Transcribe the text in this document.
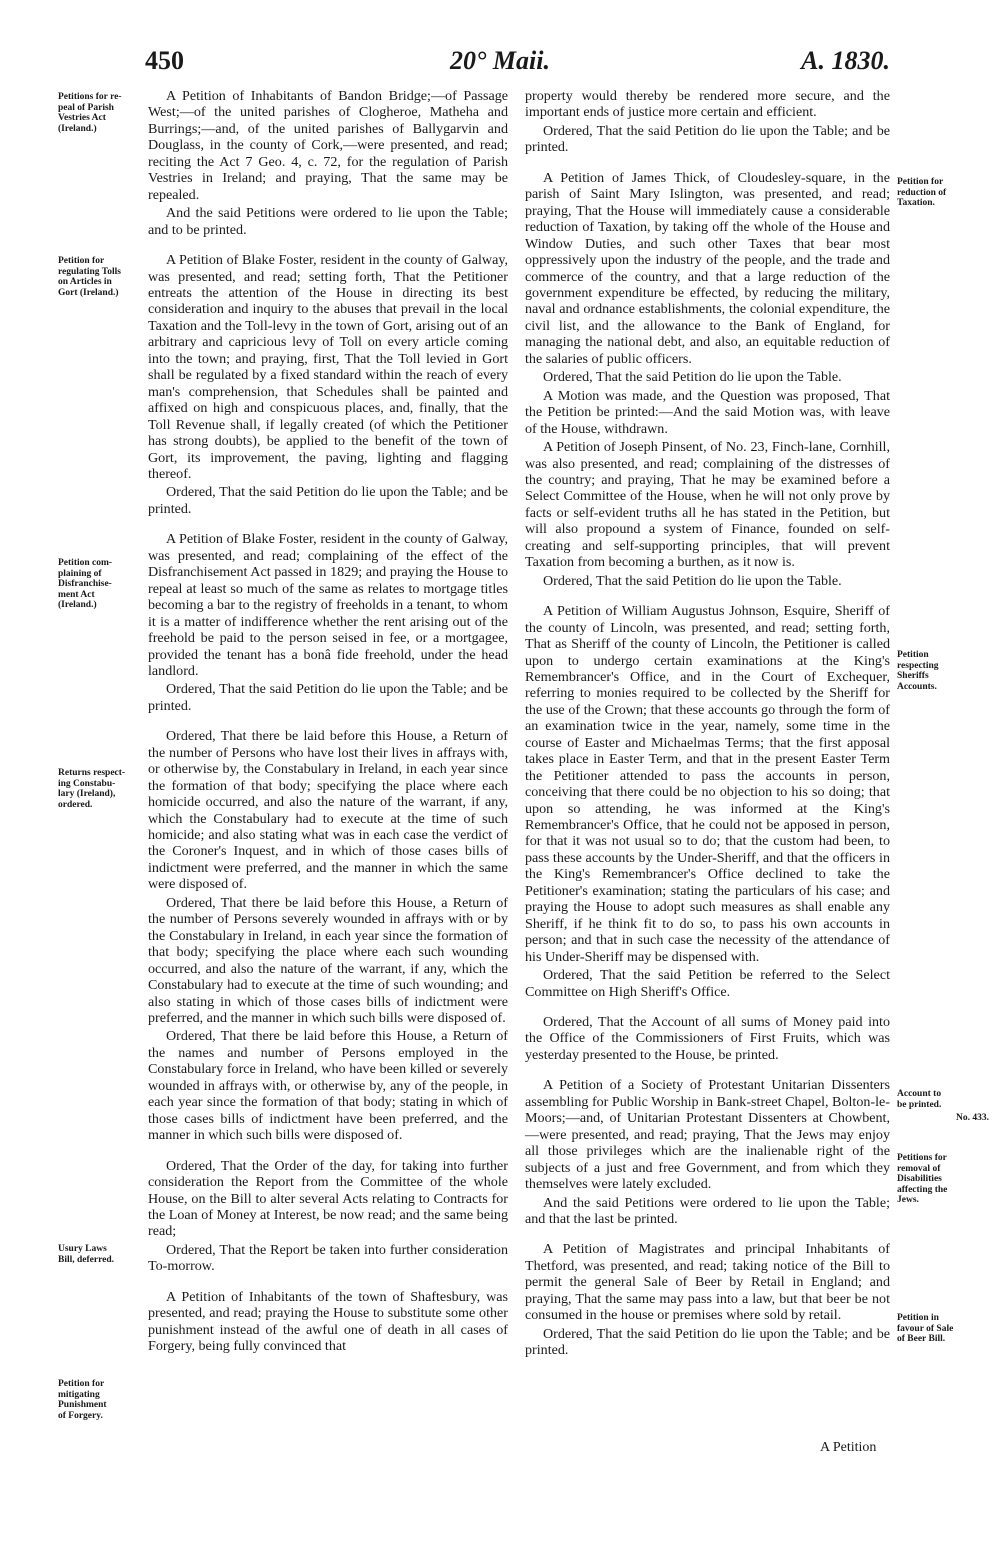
450	20° Maii.	A. 1830.
Petitions for re-
peal of Parish
Vestries Act
(Ireland.)
Petition for
regulating Tolls
on Articles in
Gort (Ireland.)
Petition com-
plaining of
Disfranchise-
ment Act
(Ireland.)
Returns respect-
ing Constabu-
lary (Ireland),
ordered.
Usury Laws
Bill, deferred.
Petition for
mitigating
Punishment
of Forgery.
Petition for
reduction of
Taxation.
Petition
respecting
Sheriffs
Accounts.
Account to
be printed.
No. 433.
Petitions for
removal of
Disabilities
affecting the
Jews.
Petition in
favour of Sale
of Beer Bill.

A Petition of Inhabitants of Bandon Bridge;—of Passage West;—of the united parishes of Clogheroe, Matheha and Burrings;—and, of the united parishes of Ballygarvin and Douglass, in the county of Cork,—were presented, and read; reciting the Act 7 Geo. 4, c. 72, for the regulation of Parish Vestries in Ireland; and praying, That the same may be repealed.

And the said Petitions were ordered to lie upon the Table; and to be printed.

A Petition of Blake Foster, resident in the county of Galway, was presented, and read; setting forth, That the Petitioner entreats the attention of the House in directing its best consideration and inquiry to the abuses that prevail in the local Taxation and the Toll-levy in the town of Gort, arising out of an arbitrary and capricious levy of Toll on every article coming into the town; and praying, first, That the Toll levied in Gort shall be regulated by a fixed standard within the reach of every man's comprehension, that Schedules shall be painted and affixed on high and conspicuous places, and, finally, that the Toll Revenue shall, if legally created (of which the Petitioner has strong doubts), be applied to the benefit of the town of Gort, its improvement, the paving, lighting and flagging thereof.

Ordered, That the said Petition do lie upon the Table; and be printed.

A Petition of Blake Foster, resident in the county of Galway, was presented, and read; complaining of the effect of the Disfranchisement Act passed in 1829; and praying the House to repeal at least so much of the same as relates to mortgage titles becoming a bar to the registry of freeholds in a tenant, to whom it is a matter of indifference whether the rent arising out of the freehold be paid to the person seised in fee, or a mortgagee, provided the tenant has a bonâ fide freehold, under the head landlord.

Ordered, That the said Petition do lie upon the Table; and be printed.

Ordered, That there be laid before this House, a Return of the number of Persons who have lost their lives in affrays with, or otherwise by, the Constabulary in Ireland, in each year since the formation of that body; specifying the place where each homicide occurred, and also the nature of the warrant, if any, which the Constabulary had to execute at the time of such homicide; and also stating what was in each case the verdict of the Coroner's Inquest, and in which of those cases bills of indictment were preferred, and the manner in which the same were disposed of.

Ordered, That there be laid before this House, a Return of the number of Persons severely wounded in affrays with or by the Constabulary in Ireland, in each year since the formation of that body; specifying the place where each such wounding occurred, and also the nature of the warrant, if any, which the Constabulary had to execute at the time of such wounding; and also stating in which of those cases bills of indictment were preferred, and the manner in which such bills were disposed of.

Ordered, That there be laid before this House, a Return of the names and number of Persons employed in the Constabulary force in Ireland, who have been killed or severely wounded in affrays with, or otherwise by, any of the people, in each year since the formation of that body; stating in which of those cases bills of indictment have been preferred, and the manner in which such bills were disposed of.

Ordered, That the Order of the day, for taking into further consideration the Report from the Committee of the whole House, on the Bill to alter several Acts relating to Contracts for the Loan of Money at Interest, be now read; and the same being read;

Ordered, That the Report be taken into further consideration To-morrow.

A Petition of Inhabitants of the town of Shaftesbury, was presented, and read; praying the House to substitute some other punishment instead of the awful one of death in all cases of Forgery, being fully convinced that

property would thereby be rendered more secure, and the important ends of justice more certain and efficient.

Ordered, That the said Petition do lie upon the Table; and be printed.

A Petition of James Thick, of Cloudesley-square, in the parish of Saint Mary Islington, was presented, and read; praying, That the House will immediately cause a considerable reduction of Taxation, by taking off the whole of the House and Window Duties, and such other Taxes that bear most oppressively upon the industry of the people, and the trade and commerce of the country, and that a large reduction of the government expenditure be effected, by reducing the military, naval and ordnance establishments, the colonial expenditure, the civil list, and the allowance to the Bank of England, for managing the national debt, and also, an equitable reduction of the salaries of public officers.

Ordered, That the said Petition do lie upon the Table.

A Motion was made, and the Question was proposed, That the Petition be printed:—And the said Motion was, with leave of the House, withdrawn.

A Petition of Joseph Pinsent, of No. 23, Finch-lane, Cornhill, was also presented, and read; complaining of the distresses of the country; and praying, That he may be examined before a Select Committee of the House, when he will not only prove by facts or self-evident truths all he has stated in the Petition, but will also propound a system of Finance, founded on self-creating and self-supporting principles, that will prevent Taxation from becoming a burthen, as it now is.

Ordered, That the said Petition do lie upon the Table.

A Petition of William Augustus Johnson, Esquire, Sheriff of the county of Lincoln, was presented, and read; setting forth, That as Sheriff of the county of Lincoln, the Petitioner is called upon to undergo certain examinations at the King's Remembrancer's Office, and in the Court of Exchequer, referring to monies required to be collected by the Sheriff for the use of the Crown; that these accounts go through the form of an examination twice in the year, namely, some time in the course of Easter and Michaelmas Terms; that the first apposal takes place in Easter Term, and that in the present Easter Term the Petitioner attended to pass the accounts in person, conceiving that there could be no objection to his so doing; that upon so attending, he was informed at the King's Remembrancer's Office, that he could not be apposed in person, for that it was not usual so to do; that the custom had been, to pass these accounts by the Under-Sheriff, and that the officers in the King's Remembrancer's Office declined to take the Petitioner's examination; stating the particulars of his case; and praying the House to adopt such measures as shall enable any Sheriff, if he think fit to do so, to pass his own accounts in person; and that in such case the necessity of the attendance of his Under-Sheriff may be dispensed with.

Ordered, That the said Petition be referred to the Select Committee on High Sheriff's Office.

Ordered, That the Account of all sums of Money paid into the Office of the Commissioners of First Fruits, which was yesterday presented to the House, be printed.

A Petition of a Society of Protestant Unitarian Dissenters assembling for Public Worship in Bank-street Chapel, Bolton-le-Moors;—and, of Unitarian Protestant Dissenters at Chowbent,—were presented, and read; praying, That the Jews may enjoy all those privileges which are the inalienable right of the subjects of a just and free Government, and from which they themselves were lately excluded.

And the said Petitions were ordered to lie upon the Table; and that the last be printed.

A Petition of Magistrates and principal Inhabitants of Thetford, was presented, and read; taking notice of the Bill to permit the general Sale of Beer by Retail in England; and praying, That the same may pass into a law, but that beer be not consumed in the house or premises where sold by retail.

Ordered, That the said Petition do lie upon the Table; and be printed.

A Petition
